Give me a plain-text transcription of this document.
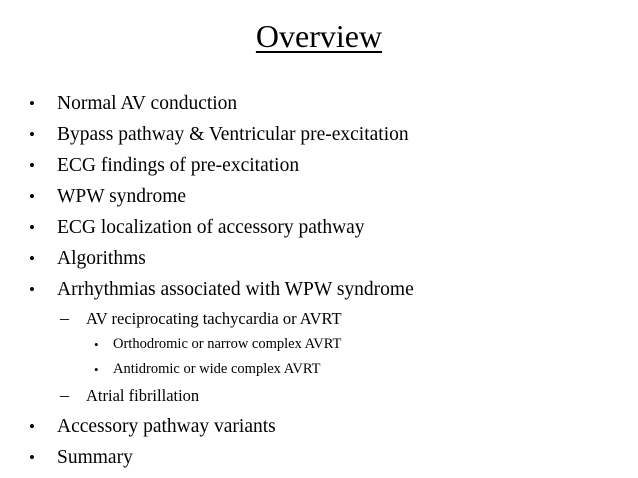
Overview
• Normal AV conduction
• Bypass pathway & Ventricular pre-excitation
• ECG findings of pre-excitation
• WPW syndrome
• ECG localization of accessory pathway
• Algorithms
• Arrhythmias associated with WPW syndrome
– AV reciprocating tachycardia or AVRT
• Orthodromic or narrow complex AVRT
• Antidromic or wide complex AVRT
– Atrial fibrillation
• Accessory pathway variants
• Summary
